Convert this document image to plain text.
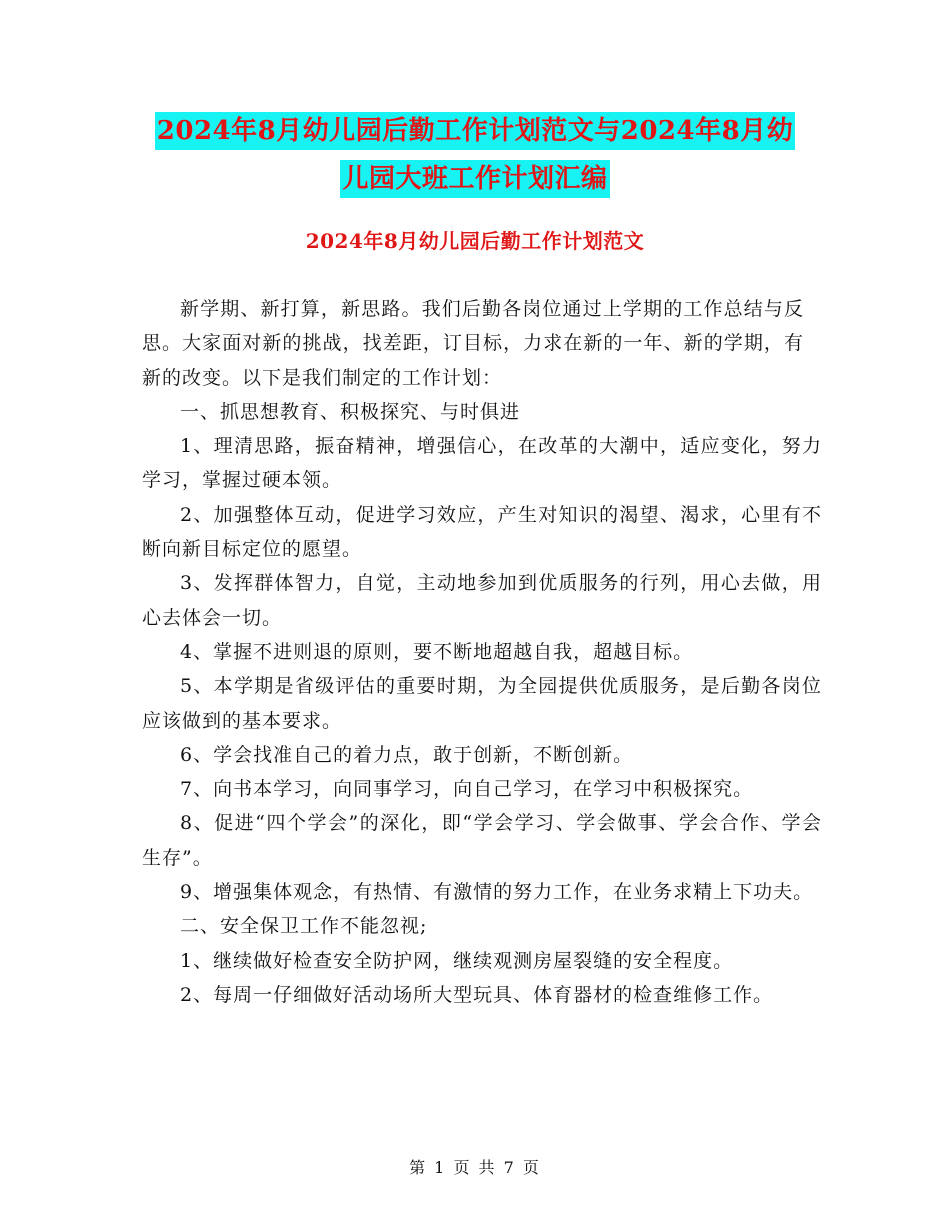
2024年8月幼儿园后勤工作计划范文与2024年8月幼
儿园大班工作计划汇编
2024年8月幼儿园后勤工作计划范文

新学期、新打算，新思路。我们后勤各岗位通过上学期的工作总结与反思。大家面对新的挑战，找差距，订目标，力求在新的一年、新的学期，有新的改变。以下是我们制定的工作计划：

一、抓思想教育、积极探究、与时俱进

1、理清思路，振奋精神，增强信心，在改革的大潮中，适应变化，努力学习，掌握过硬本领。

2、加强整体互动，促进学习效应，产生对知识的渴望、渴求，心里有不断向新目标定位的愿望。

3、发挥群体智力，自觉，主动地参加到优质服务的行列，用心去做，用心去体会一切。

4、掌握不进则退的原则，要不断地超越自我，超越目标。

5、本学期是省级评估的重要时期，为全园提供优质服务，是后勤各岗位应该做到的基本要求。

6、学会找准自己的着力点，敢于创新，不断创新。

7、向书本学习，向同事学习，向自己学习，在学习中积极探究。

8、促进“四个学会”的深化，即“学会学习、学会做事、学会合作、学会生存”。

9、增强集体观念，有热情、有激情的努力工作，在业务求精上下功夫。

二、安全保卫工作不能忽视;

1、继续做好检查安全防护网，继续观测房屋裂缝的安全程度。

2、每周一仔细做好活动场所大型玩具、体育器材的检查维修工作。

第 1 页 共 7 页
